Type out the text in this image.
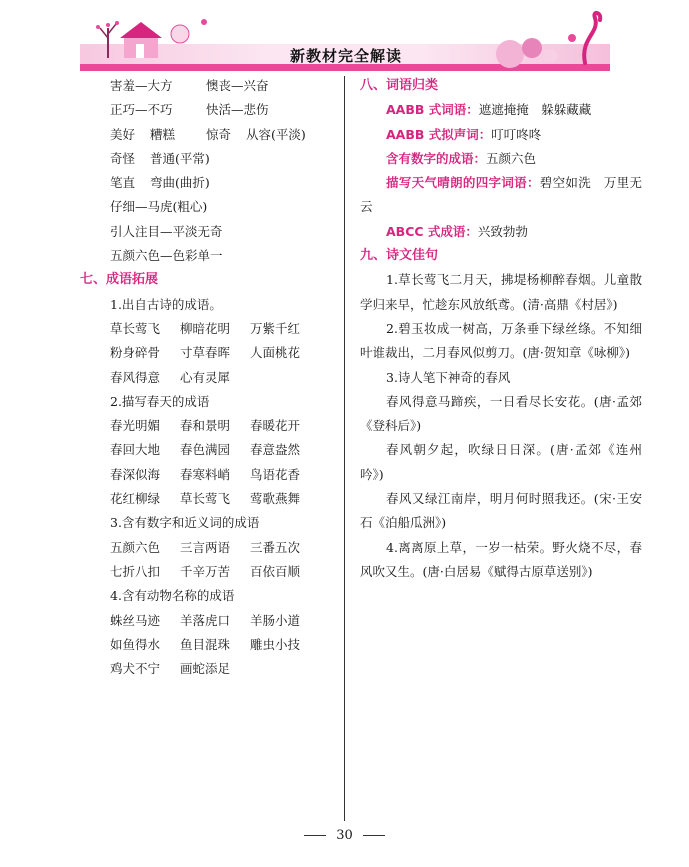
新教材完全解读
害羞—大方	懊丧—兴奋
正巧—不巧	快活—悲伤
美好 糟糕 惊奇 从容(平淡)
奇怪 普通(平常)
笔直 弯曲(曲折)
仔细—马虎(粗心)
引人注目—平淡无奇
五颜六色—色彩单一
七、成语拓展
1.出自古诗的成语。
草长莺飞 柳暗花明 万紫千红
粉身碎骨 寸草春晖 人面桃花
春风得意 心有灵犀
2.描写春天的成语
春光明媚 春和景明 春暖花开
春回大地 春色满园 春意盎然
春深似海 春寒料峭 鸟语花香
花红柳绿 草长莺飞 莺歌燕舞
3.含有数字和近义词的成语
五颜六色 三言两语 三番五次
七折八扣 千辛万苦 百依百顺
4.含有动物名称的成语
蛛丝马迹 羊落虎口 羊肠小道
如鱼得水 鱼目混珠 雕虫小技
鸡犬不宁 画蛇添足
八、词语归类
AABB 式词语：遮遮掩掩　躲躲藏藏
AABB 式拟声词：叮叮咚咚
含有数字的成语：五颜六色
描写天气晴朗的四字词语：碧空如洗　万里无云
ABCC 式成语：兴致勃勃
九、诗文佳句
1.草长莺飞二月天，拂堤杨柳醉春烟。儿童散学归来早，忙趁东风放纸鸢。(清·高鼎《村居》)
2.碧玉妆成一树高，万条垂下绿丝绦。不知细叶谁裁出，二月春风似剪刀。(唐·贺知章《咏柳》)
3.诗人笔下神奇的春风
春风得意马蹄疾，一日看尽长安花。(唐·孟郊《登科后》)
春风朝夕起，吹绿日日深。(唐·孟郊《连州吟》)
春风又绿江南岸，明月何时照我还。(宋·王安石《泊船瓜洲》)
4.离离原上草，一岁一枯荣。野火烧不尽，春风吹又生。(唐·白居易《赋得古原草送别》)
30
